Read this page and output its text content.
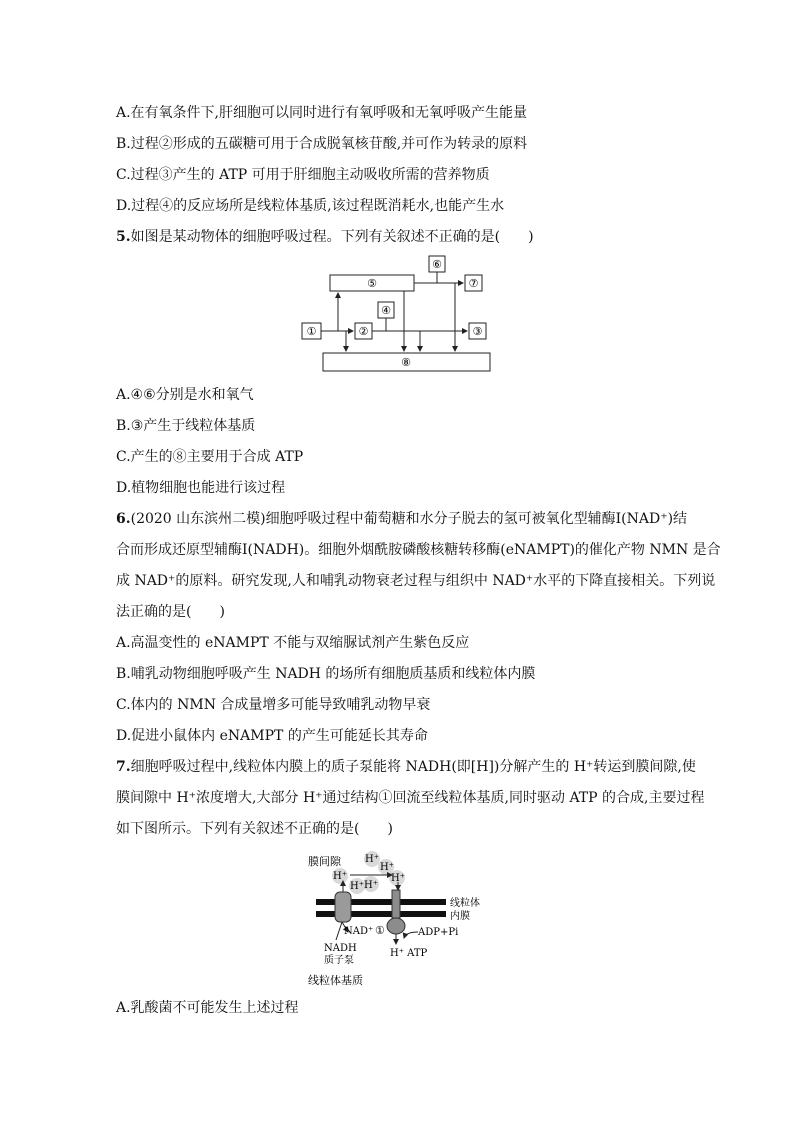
A.在有氧条件下,肝细胞可以同时进行有氧呼吸和无氧呼吸产生能量
B.过程②形成的五碳糖可用于合成脱氧核苷酸,并可作为转录的原料
C.过程③产生的 ATP 可用于肝细胞主动吸收所需的营养物质
D.过程④的反应场所是线粒体基质,该过程既消耗水,也能产生水
5.如图是某动物体的细胞呼吸过程。下列有关叙述不正确的是(　　)
⑤
⑥
⑦
④
①	②	③
⑧
A.④⑥分别是水和氧气
B.③产生于线粒体基质
C.产生的⑧主要用于合成 ATP
D.植物细胞也能进行该过程
6.(2020 山东滨州二模)细胞呼吸过程中葡萄糖和水分子脱去的氢可被氧化型辅酶Ⅰ(NAD⁺)结
合而形成还原型辅酶Ⅰ(NADH)。细胞外烟酰胺磷酸核糖转移酶(eNAMPT)的催化产物 NMN 是合
成 NAD⁺的原料。研究发现,人和哺乳动物衰老过程与组织中 NAD⁺水平的下降直接相关。下列说
法正确的是(　　)
A.高温变性的 eNAMPT 不能与双缩脲试剂产生紫色反应
B.哺乳动物细胞呼吸产生 NADH 的场所有细胞质基质和线粒体内膜
C.体内的 NMN 合成量增多可能导致哺乳动物早衰
D.促进小鼠体内 eNAMPT 的产生可能延长其寿命
7.细胞呼吸过程中,线粒体内膜上的质子泵能将 NADH(即[H])分解产生的 H⁺转运到膜间隙,使
膜间隙中 H⁺浓度增大,大部分 H⁺通过结构①回流至线粒体基质,同时驱动 ATP 的合成,主要过程
如下图所示。下列有关叙述不正确的是(　　)
膜间隙 H⁺
H⁺
H⁺	H⁺
H⁺ H⁺
线粒体
内膜
NAD⁺ ①	ADP+Pi
NADH
质子泵
H⁺ ATP
线粒体基质
A.乳酸菌不可能发生上述过程
